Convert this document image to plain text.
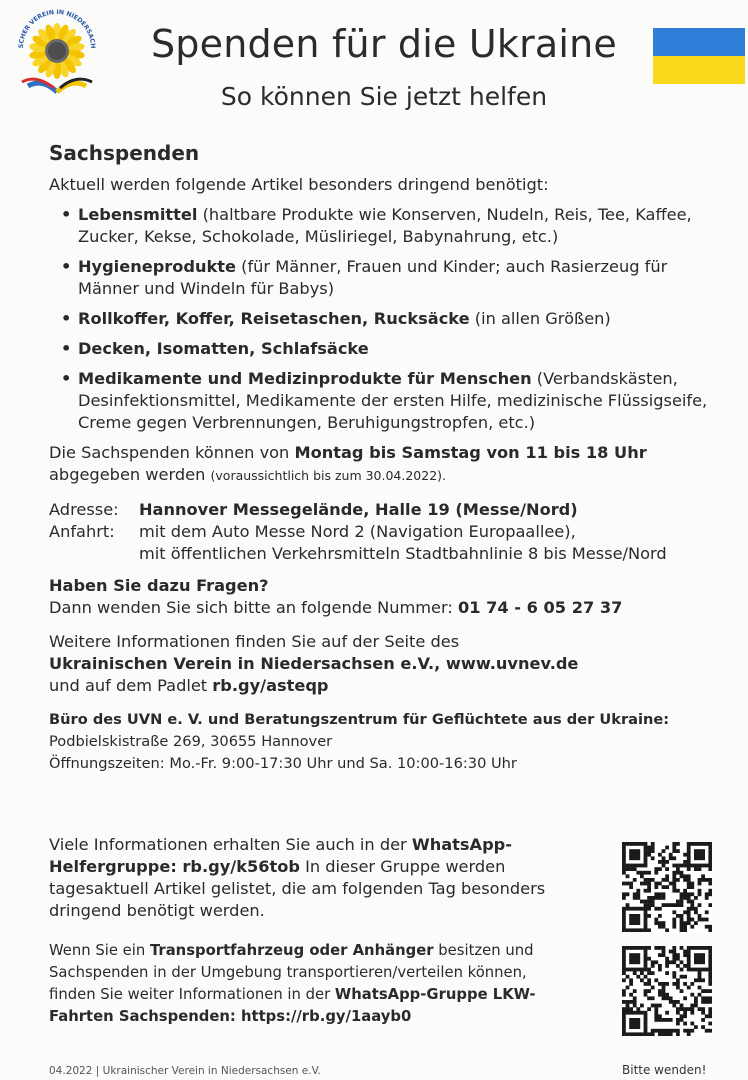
SCHER VEREIN IN NIEDERSACH	Spenden für die Ukraine
So können Sie jetzt helfen
Sachspenden
Aktuell werden folgende Artikel besonders dringend benötigt:
• Lebensmittel (haltbare Produkte wie Konserven, Nudeln, Reis, Tee, Kaffee, Zucker, Kekse, Schokolade, Müsliriegel, Babynahrung, etc.)
• Hygieneprodukte (für Männer, Frauen und Kinder; auch Rasierzeug für Männer und Windeln für Babys)
• Rollkoffer, Koffer, Reisetaschen, Rucksäcke (in allen Größen)
• Decken, Isomatten, Schlafsäcke
• Medikamente und Medizinprodukte für Menschen (Verbandskästen, Desinfektionsmittel, Medikamente der ersten Hilfe, medizinische Flüssigseife, Creme gegen Verbrennungen, Beruhigungstropfen, etc.)
Die Sachspenden können von Montag bis Samstag von 11 bis 18 Uhr abgegeben werden (voraussichtlich bis zum 30.04.2022).
Adresse:	Hannover Messegelände, Halle 19 (Messe/Nord)
Anfahrt:	mit dem Auto Messe Nord 2 (Navigation Europaallee),
mit öffentlichen Verkehrsmitteln Stadtbahnlinie 8 bis Messe/Nord
Haben Sie dazu Fragen?
Dann wenden Sie sich bitte an folgende Nummer: 01 74 - 6 05 27 37
Weitere Informationen finden Sie auf der Seite des
Ukrainischen Verein in Niedersachsen e.V., www.uvnev.de
und auf dem Padlet rb.gy/asteqp
Büro des UVN e. V. und Beratungszentrum für Geflüchtete aus der Ukraine:
Podbielskistraße 269, 30655 Hannover
Öffnungszeiten: Mo.-Fr. 9:00-17:30 Uhr und Sa. 10:00-16:30 Uhr
Viele Informationen erhalten Sie auch in der WhatsApp-Helfergruppe: rb.gy/k56tob In dieser Gruppe werden tagesaktuell Artikel gelistet, die am folgenden Tag besonders dringend benötigt werden.
Wenn Sie ein Transportfahrzeug oder Anhänger besitzen und Sachspenden in der Umgebung transportieren/verteilen können, finden Sie weiter Informationen in der WhatsApp-Gruppe LKW-Fahrten Sachspenden: https://rb.gy/1aayb0
04.2022 | Ukrainischer Verein in Niedersachsen e.V.	Bitte wenden!
